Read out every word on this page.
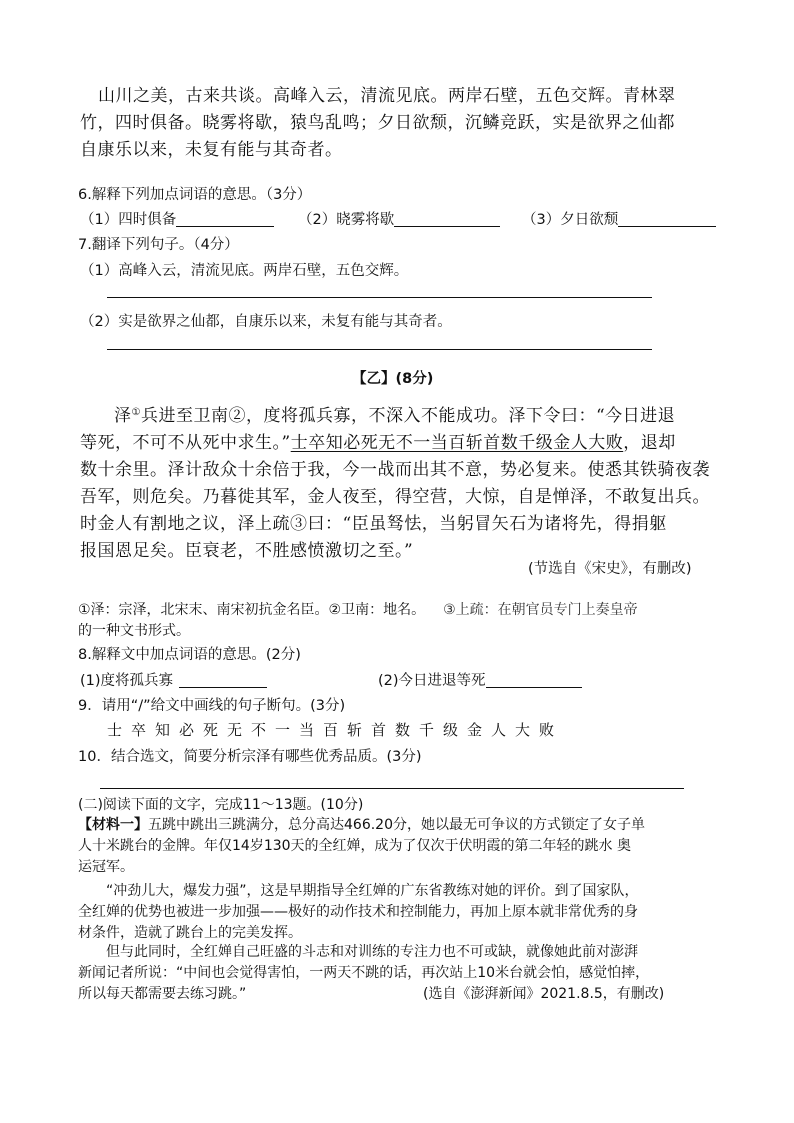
山川之美，古来共谈。高峰入云，清流见底。两岸石壁，五色交辉。青林翠
竹，四时俱备。晓雾将歇，猿鸟乱鸣；夕日欲颓，沉鳞竞跃，实是欲界之仙都
自康乐以来，未复有能与其奇者。
6.解释下列加点词语的意思。（3分）
（1）四时俱备	（2）晓雾将歇	（3）夕日欲颓
7.翻译下列句子。（4分）
（1）高峰入云，清流见底。两岸石壁，五色交辉。
（2）实是欲界之仙都，自康乐以来，未复有能与其奇者。
【乙】(8分)
泽①兵进至卫南②，度将孤兵寡，不深入不能成功。泽下令曰：“今日进退
等死，不可不从死中求生。”士卒知必死无不一当百斩首数千级金人大败，退却
数十余里。泽计敌众十余倍于我，今一战而出其不意，势必复来。使悉其铁骑夜袭
吾军，则危矣。乃暮徙其军，金人夜至，得空营，大惊，自是惮泽，不敢复出兵。
时金人有割地之议，泽上疏③曰：“臣虽驽怯，当躬冒矢石为诸将先，得捐躯
报国恩足矣。臣衰老，不胜感愤激切之至。”
(节选自《宋史》，有删改)
①泽：宗泽，北宋末、南宋初抗金名臣。②卫南：地名。 ③上疏：在朝官员专门上奏皇帝
的一种文书形式。
8.解释文中加点词语的意思。(2分)
(1)度将孤兵寡	(2)今日进退等死
9．请用“/”给文中画线的句子断句。(3分)
士卒知必死无不一当百斩首数千级金人大败
10．结合选文，简要分析宗泽有哪些优秀品质。(3分)
(二)阅读下面的文字，完成11～13题。(10分)
【材料一】五跳中跳出三跳满分，总分高达466.20分，她以最无可争议的方式锁定了女子单
人十米跳台的金牌。年仅14岁130天的全红婵，成为了仅次于伏明霞的第二年轻的跳水 奥
运冠军。
“冲劲儿大，爆发力强”，这是早期指导全红婵的广东省教练对她的评价。到了国家队，
全红婵的优势也被进一步加强——极好的动作技术和控制能力，再加上原本就非常优秀的身
材条件，造就了跳台上的完美发挥。
但与此同时，全红婵自己旺盛的斗志和对训练的专注力也不可或缺，就像她此前对澎湃
新闻记者所说：“中间也会觉得害怕，一两天不跳的话，再次站上10米台就会怕，感觉怕摔，
所以每天都需要去练习跳。”	(选自《澎湃新闻》2021.8.5，有删改)
